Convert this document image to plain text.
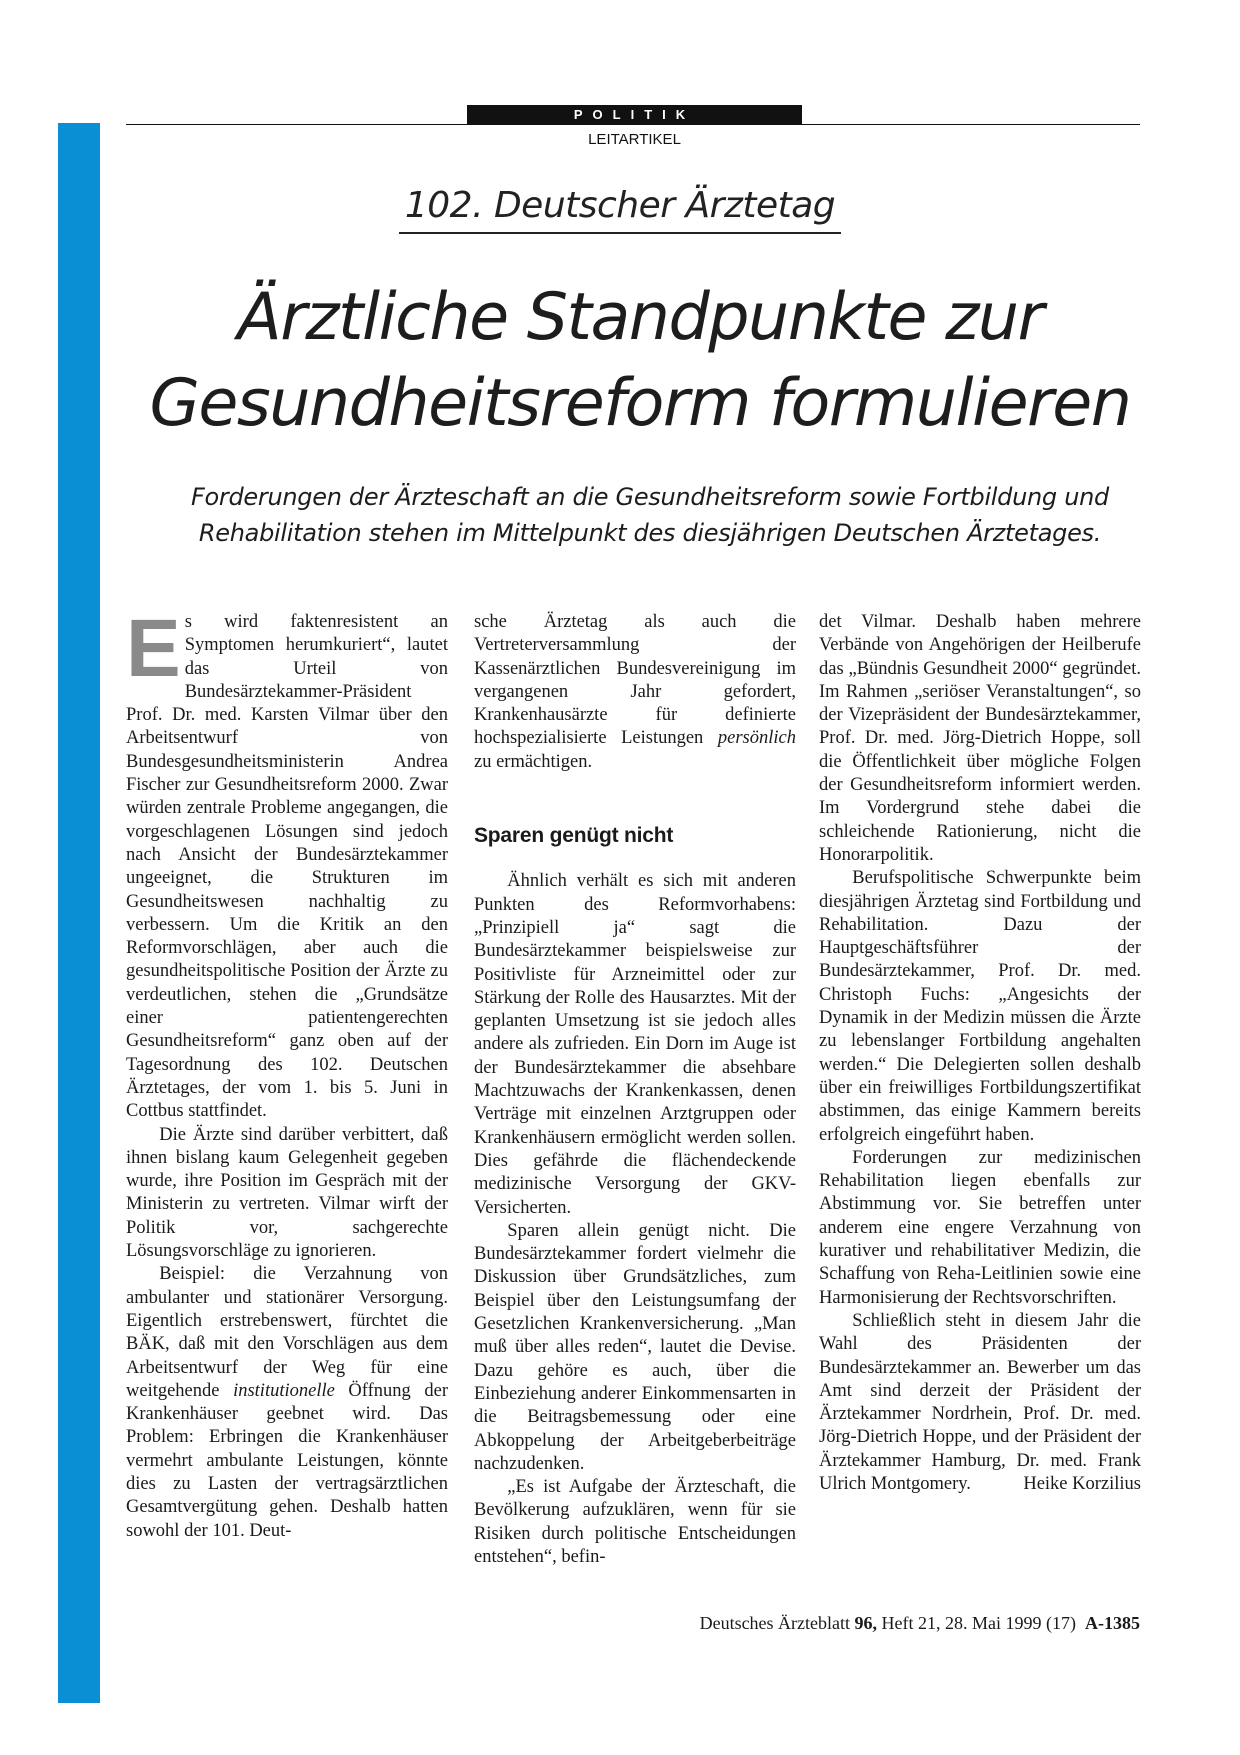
POLITIK
LEITARTIKEL
102. Deutscher Ärztetag
Ärztliche Standpunkte zur
Gesundheitsreform formulieren
Forderungen der Ärzteschaft an die Gesundheitsreform sowie Fortbildung und Rehabilitation stehen im Mittelpunkt des diesjährigen Deutschen Ärztetages.

Es wird faktenresistent an Symptomen herumkuriert“, lautet das Urteil von Bundesärztekammer-Präsident Prof. Dr. med. Karsten Vilmar über den Arbeitsentwurf von Bundesgesundheitsministerin Andrea Fischer zur Gesundheitsreform 2000. Zwar würden zentrale Probleme angegangen, die vorgeschlagenen Lösungen sind jedoch nach Ansicht der Bundesärztekammer ungeeignet, die Strukturen im Gesundheitswesen nachhaltig zu verbessern. Um die Kritik an den Reformvorschlägen, aber auch die gesundheitspolitische Position der Ärzte zu verdeutlichen, stehen die „Grundsätze einer patientengerechten Gesundheitsreform“ ganz oben auf der Tagesordnung des 102. Deutschen Ärztetages, der vom 1. bis 5. Juni in Cottbus stattfindet.

Die Ärzte sind darüber verbittert, daß ihnen bislang kaum Gelegenheit gegeben wurde, ihre Position im Gespräch mit der Ministerin zu vertreten. Vilmar wirft der Politik vor, sachgerechte Lösungsvorschläge zu ignorieren.

Beispiel: die Verzahnung von ambulanter und stationärer Versorgung. Eigentlich erstrebenswert, fürchtet die BÄK, daß mit den Vorschlägen aus dem Arbeitsentwurf der Weg für eine weitgehende institutionelle Öffnung der Krankenhäuser geebnet wird. Das Problem: Erbringen die Krankenhäuser vermehrt ambulante Leistungen, könnte dies zu Lasten der vertragsärztlichen Gesamtvergütung gehen. Deshalb hatten sowohl der 101. Deut-

sche Ärztetag als auch die Vertreterversammlung der Kassenärztlichen Bundesvereinigung im vergangenen Jahr gefordert, Krankenhausärzte für definierte hochspezialisierte Leistungen persönlich zu ermächtigen.

Sparen genügt nicht

Ähnlich verhält es sich mit anderen Punkten des Reformvorhabens: „Prinzipiell ja“ sagt die Bundesärztekammer beispielsweise zur Positivliste für Arzneimittel oder zur Stärkung der Rolle des Hausarztes. Mit der geplanten Umsetzung ist sie jedoch alles andere als zufrieden. Ein Dorn im Auge ist der Bundesärztekammer die absehbare Machtzuwachs der Krankenkassen, denen Verträge mit einzelnen Arztgruppen oder Krankenhäusern ermöglicht werden sollen. Dies gefährde die flächendeckende medizinische Versorgung der GKV-Versicherten.

Sparen allein genügt nicht. Die Bundesärztekammer fordert vielmehr die Diskussion über Grundsätzliches, zum Beispiel über den Leistungsumfang der Gesetzlichen Krankenversicherung. „Man muß über alles reden“, lautet die Devise. Dazu gehöre es auch, über die Einbeziehung anderer Einkommensarten in die Beitragsbemessung oder eine Abkoppelung der Arbeitgeberbeiträge nachzudenken.

„Es ist Aufgabe der Ärzteschaft, die Bevölkerung aufzuklären, wenn für sie Risiken durch politische Entscheidungen entstehen“, befin-

det Vilmar. Deshalb haben mehrere Verbände von Angehörigen der Heilberufe das „Bündnis Gesundheit 2000“ gegründet. Im Rahmen „seriöser Veranstaltungen“, so der Vizepräsident der Bundesärztekammer, Prof. Dr. med. Jörg-Dietrich Hoppe, soll die Öffentlichkeit über mögliche Folgen der Gesundheitsreform informiert werden. Im Vordergrund stehe dabei die schleichende Rationierung, nicht die Honorarpolitik.

Berufspolitische Schwerpunkte beim diesjährigen Ärztetag sind Fortbildung und Rehabilitation. Dazu der Hauptgeschäftsführer der Bundesärztekammer, Prof. Dr. med. Christoph Fuchs: „Angesichts der Dynamik in der Medizin müssen die Ärzte zu lebenslanger Fortbildung angehalten werden.“ Die Delegierten sollen deshalb über ein freiwilliges Fortbildungszertifikat abstimmen, das einige Kammern bereits erfolgreich eingeführt haben.

Forderungen zur medizinischen Rehabilitation liegen ebenfalls zur Abstimmung vor. Sie betreffen unter anderem eine engere Verzahnung von kurativer und rehabilitativer Medizin, die Schaffung von Reha-Leitlinien sowie eine Harmonisierung der Rechtsvorschriften.

Schließlich steht in diesem Jahr die Wahl des Präsidenten der Bundesärztekammer an. Bewerber um das Amt sind derzeit der Präsident der Ärztekammer Nordrhein, Prof. Dr. med. Jörg-Dietrich Hoppe, und der Präsident der Ärztekammer Hamburg, Dr. med. Frank Ulrich Montgomery.	Heike Korzilius

Deutsches Ärzteblatt 96, Heft 21, 28. Mai 1999 (17) A-1385
